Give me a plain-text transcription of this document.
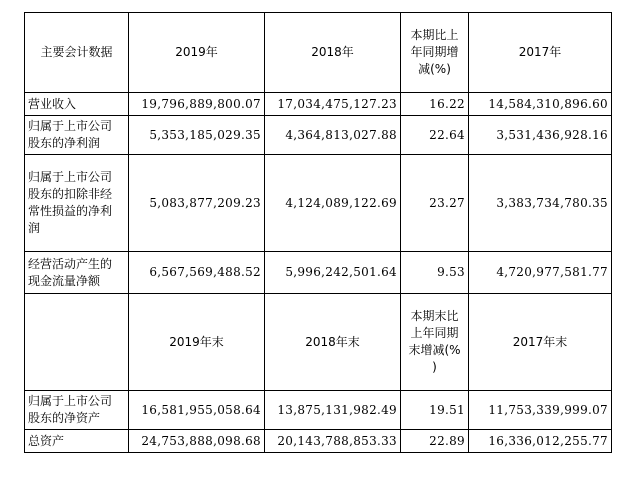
主要会计数据	2019年	2018年	本期比上
年同期增
减(%)	2017年
营业收入	19,796,889,800.07	17,034,475,127.23	16.22	14,584,310,896.60
归属于上市公司
股东的净利润	5,353,185,029.35	4,364,813,027.88	22.64	3,531,436,928.16
归属于上市公司
股东的扣除非经
常性损益的净利
润	5,083,877,209.23	4,124,089,122.69	23.27	3,383,734,780.35
经营活动产生的
现金流量净额	6,567,569,488.52	5,996,242,501.64	9.53	4,720,977,581.77
	2019年末	2018年末	本期末比
上年同期
末增减(%
)	2017年末
归属于上市公司
股东的净资产	16,581,955,058.64	13,875,131,982.49	19.51	11,753,339,999.07
总资产	24,753,888,098.68	20,143,788,853.33	22.89	16,336,012,255.77
